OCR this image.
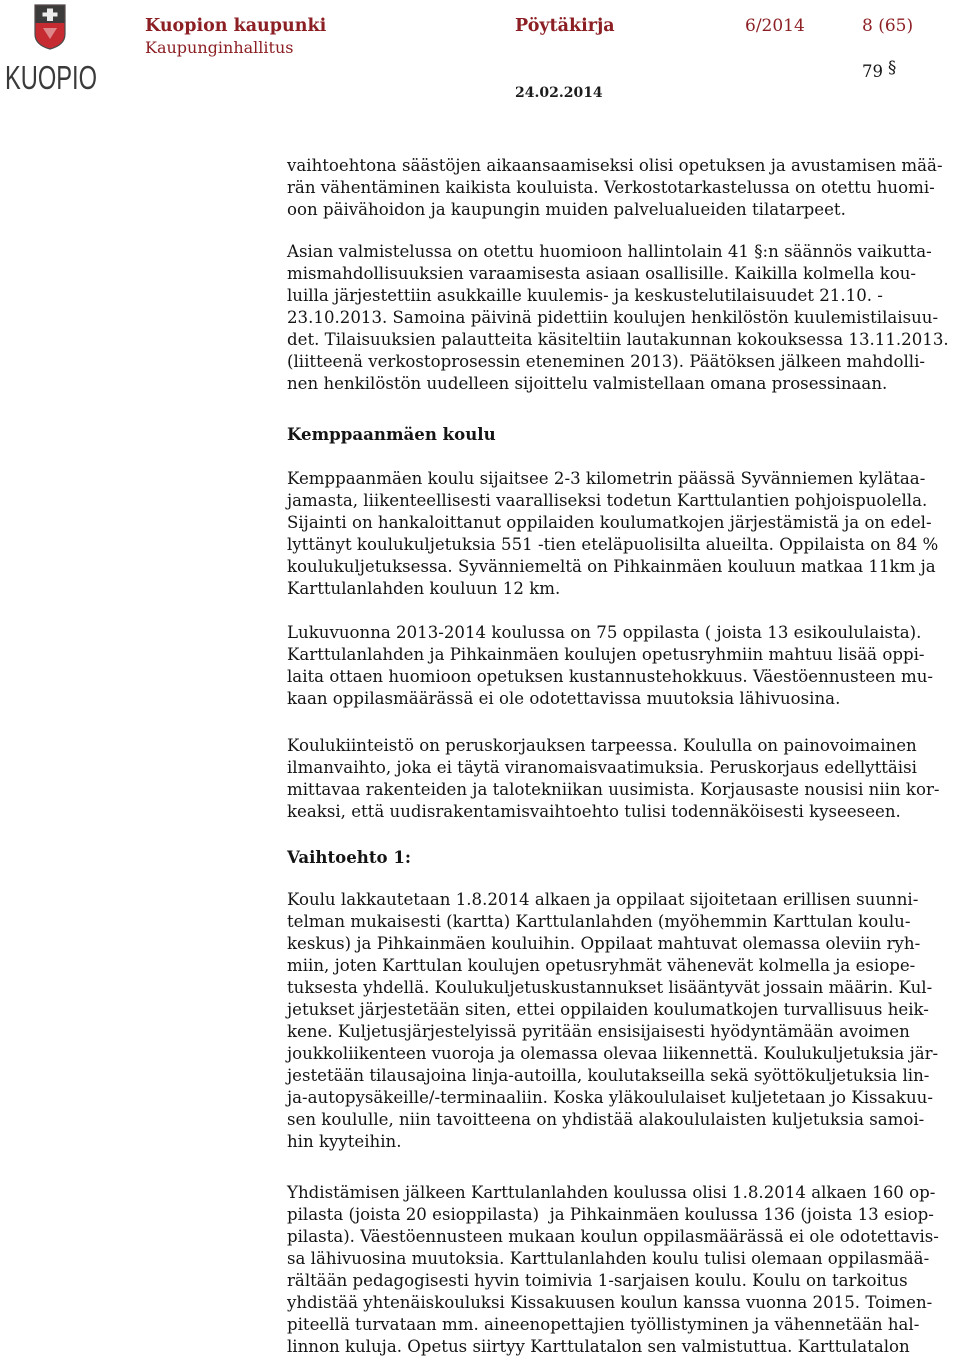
KUOPIO
Kuopion kaupunki
Kaupunginhallitus
Pöytäkirja	6/2014	8 (65)
24.02.2014
79 §
vaihtoehtona säästöjen aikaansaamiseksi olisi opetuksen ja avustamisen mää-
rän vähentäminen kaikista kouluista. Verkostotarkastelussa on otettu huomi-
oon päivähoidon ja kaupungin muiden palvelualueiden tilatarpeet.
Asian valmistelussa on otettu huomioon hallintolain 41 §:n säännös vaikutta-
mismahdollisuuksien varaamisesta asiaan osallisille. Kaikilla kolmella kou-
luilla järjestettiin asukkaille kuulemis- ja keskustelutilaisuudet 21.10. -
23.10.2013. Samoina päivinä pidettiin koulujen henkilöstön kuulemistilaisuu-
det. Tilaisuuksien palautteita käsiteltiin lautakunnan kokouksessa 13.11.2013.
(liitteenä verkostoprosessin eteneminen 2013). Päätöksen jälkeen mahdolli-
nen henkilöstön uudelleen sijoittelu valmistellaan omana prosessinaan.
Kemppaanmäen koulu
Kemppaanmäen koulu sijaitsee 2-3 kilometrin päässä Syvänniemen kylätaa-
jamasta, liikenteellisesti vaaralliseksi todetun Karttulantien pohjoispuolella.
Sijainti on hankaloittanut oppilaiden koulumatkojen järjestämistä ja on edel-
lyttänyt koulukuljetuksia 551 -tien eteläpuolisilta alueilta. Oppilaista on 84 %
koulukuljetuksessa. Syvänniemeltä on Pihkainmäen kouluun matkaa 11km ja
Karttulanlahden kouluun 12 km.
Lukuvuonna 2013-2014 koulussa on 75 oppilasta ( joista 13 esikoululaista).
Karttulanlahden ja Pihkainmäen koulujen opetusryhmiin mahtuu lisää oppi-
laita ottaen huomioon opetuksen kustannustehokkuus. Väestöennusteen mu-
kaan oppilasmäärässä ei ole odotettavissa muutoksia lähivuosina.
Koulukiinteistö on peruskorjauksen tarpeessa. Koululla on painovoimainen
ilmanvaihto, joka ei täytä viranomaisvaatimuksia. Peruskorjaus edellyttäisi
mittavaa rakenteiden ja talotekniikan uusimista. Korjausaste nousisi niin kor-
keaksi, että uudisrakentamisvaihtoehto tulisi todennäköisesti kyseeseen.
Vaihtoehto 1:
Koulu lakkautetaan 1.8.2014 alkaen ja oppilaat sijoitetaan erillisen suunni-
telman mukaisesti (kartta) Karttulanlahden (myöhemmin Karttulan koulu-
keskus) ja Pihkainmäen kouluihin. Oppilaat mahtuvat olemassa oleviin ryh-
miin, joten Karttulan koulujen opetusryhmät vähenevät kolmella ja esiope-
tuksesta yhdellä. Koulukuljetuskustannukset lisääntyvät jossain määrin. Kul-
jetukset järjestetään siten, ettei oppilaiden koulumatkojen turvallisuus heik-
kene. Kuljetusjärjestelyissä pyritään ensisijaisesti hyödyntämään avoimen
joukkoliikenteen vuoroja ja olemassa olevaa liikennettä. Koulukuljetuksia jär-
jestetään tilausajoina linja-autoilla, koulutakseilla sekä syöttökuljetuksia lin-
ja-autopysäkeille/-terminaaliin. Koska yläkoululaiset kuljetetaan jo Kissakuu-
sen koululle, niin tavoitteena on yhdistää alakoululaisten kuljetuksia samoi-
hin kyyteihin.
Yhdistämisen jälkeen Karttulanlahden koulussa olisi 1.8.2014 alkaen 160 op-
pilasta (joista 20 esioppilasta)  ja Pihkainmäen koulussa 136 (joista 13 esiop-
pilasta). Väestöennusteen mukaan koulun oppilasmäärässä ei ole odotettavis-
sa lähivuosina muutoksia. Karttulanlahden koulu tulisi olemaan oppilasmää-
rältään pedagogisesti hyvin toimivia 1-sarjaisen koulu. Koulu on tarkoitus
yhdistää yhtenäiskouluksi Kissakuusen koulun kanssa vuonna 2015. Toimen-
piteellä turvataan mm. aineenopettajien työllistyminen ja vähennetään hal-
linnon kuluja. Opetus siirtyy Karttulatalon sen valmistuttua. Karttulatalon
